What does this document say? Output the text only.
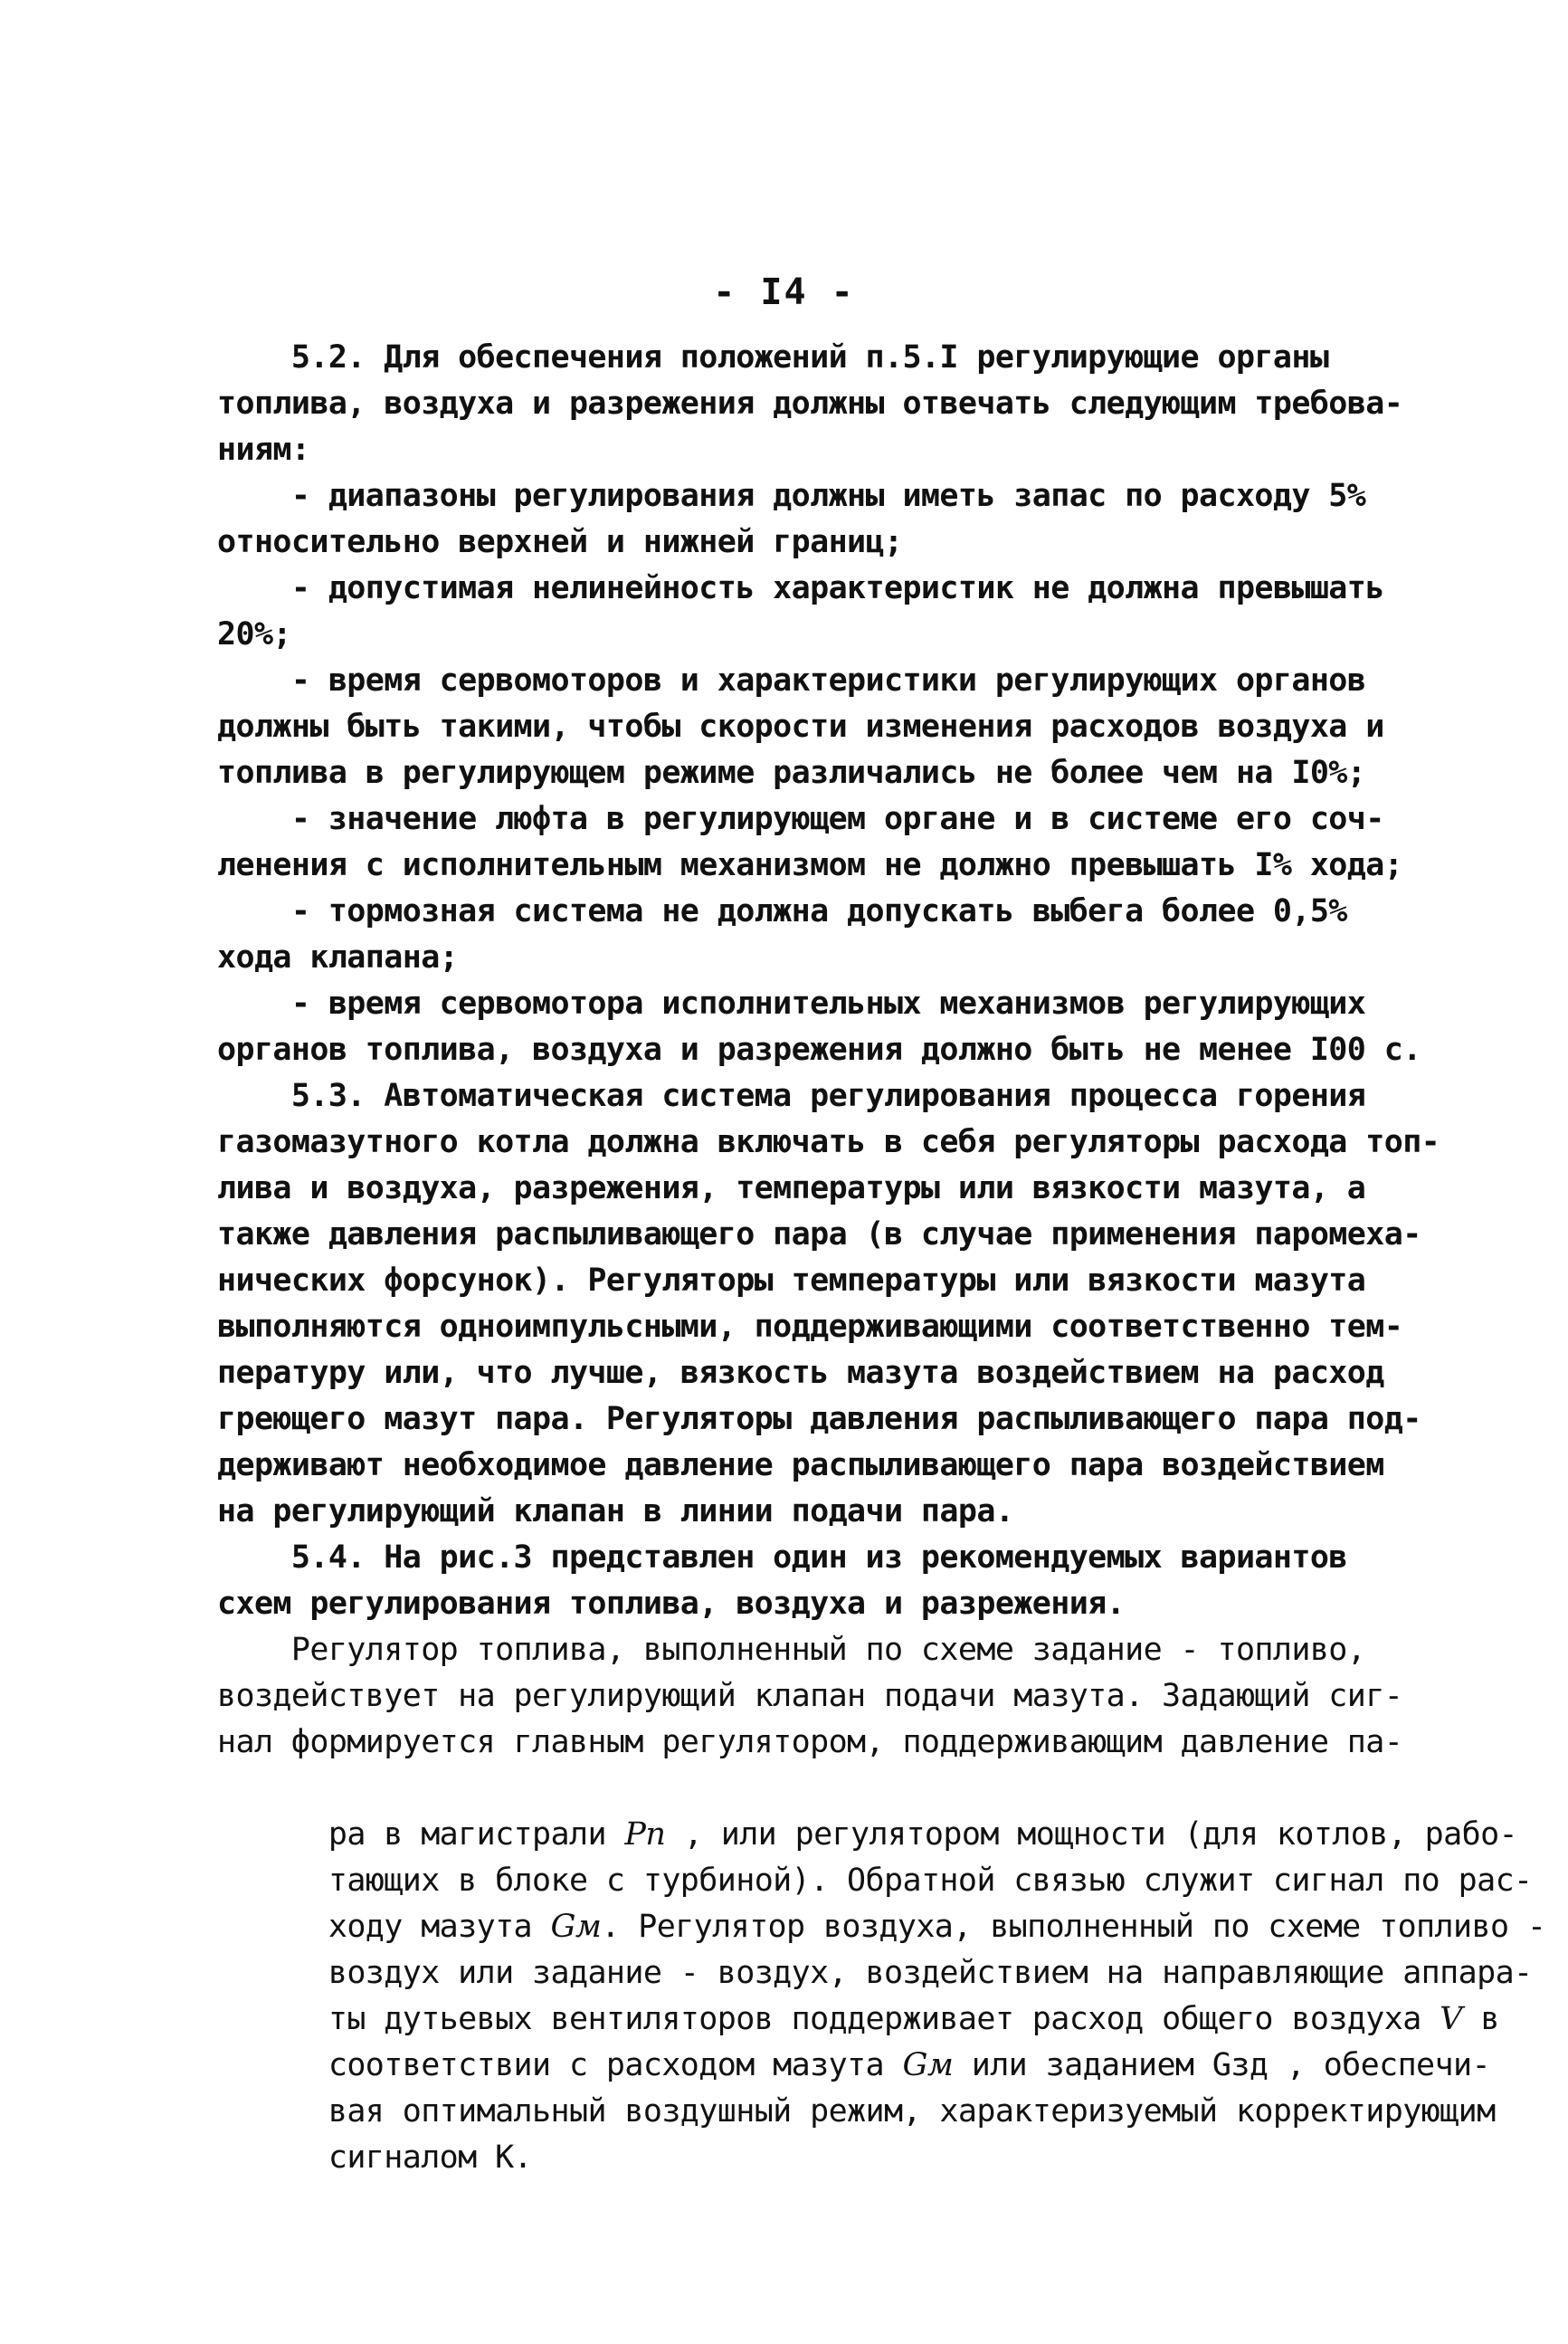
- I4 -
5.2. Для обеспечения положений п.5.I регулирующие органы
топлива, воздуха и разрежения должны отвечать следующим требова-
ниям:
- диапазоны регулирования должны иметь запас по расходу 5%
относительно верхней и нижней границ;
- допустимая нелинейность характеристик не должна превышать
20%;
- время сервомоторов и характеристики регулирующих органов
должны быть такими, чтобы скорости изменения расходов воздуха и
топлива в регулирующем режиме различались не более чем на I0%;
- значение люфта в регулирующем органе и в системе его соч-
ленения с исполнительным механизмом не должно превышать I% хода;
- тормозная система не должна допускать выбега более 0,5%
хода клапана;
- время сервомотора исполнительных механизмов регулирующих
органов топлива, воздуха и разрежения должно быть не менее I00 с.
5.3. Автоматическая система регулирования процесса горения
газомазутного котла должна включать в себя регуляторы расхода топ-
лива и воздуха, разрежения, температуры или вязкости мазута, а
также давления распыливающего пара (в случае применения паромеха-
нических форсунок). Регуляторы температуры или вязкости мазута
выполняются одноимпульсными, поддерживающими соответственно тем-
пературу или, что лучше, вязкость мазута воздействием на расход
греющего мазут пара. Регуляторы давления распыливающего пара под-
держивают необходимое давление распыливающего пара воздействием
на регулирующий клапан в линии подачи пара.
5.4. На рис.3 представлен один из рекомендуемых вариантов
схем регулирования топлива, воздуха и разрежения.
Регулятор топлива, выполненный по схеме задание - топливо,
воздействует на регулирующий клапан подачи мазута. Задающий сиг-
нал формируется главным регулятором, поддерживающим давление па-

ра в магистрали Pп , или регулятором мощности (для котлов, рабо-

тающих в блоке с турбиной). Обратной связью служит сигнал по рас-

ходу мазута Gм. Регулятор воздуха, выполненный по схеме топливо -

воздух или задание - воздух, воздействием на направляющие аппара-

ты дутьевых вентиляторов поддерживает расход общего воздуха V в

соответствии с расходом мазута Gм или заданием Gзд , обеспечи-

вая оптимальный воздушный режим, характеризуемый корректирующим

сигналом К.
